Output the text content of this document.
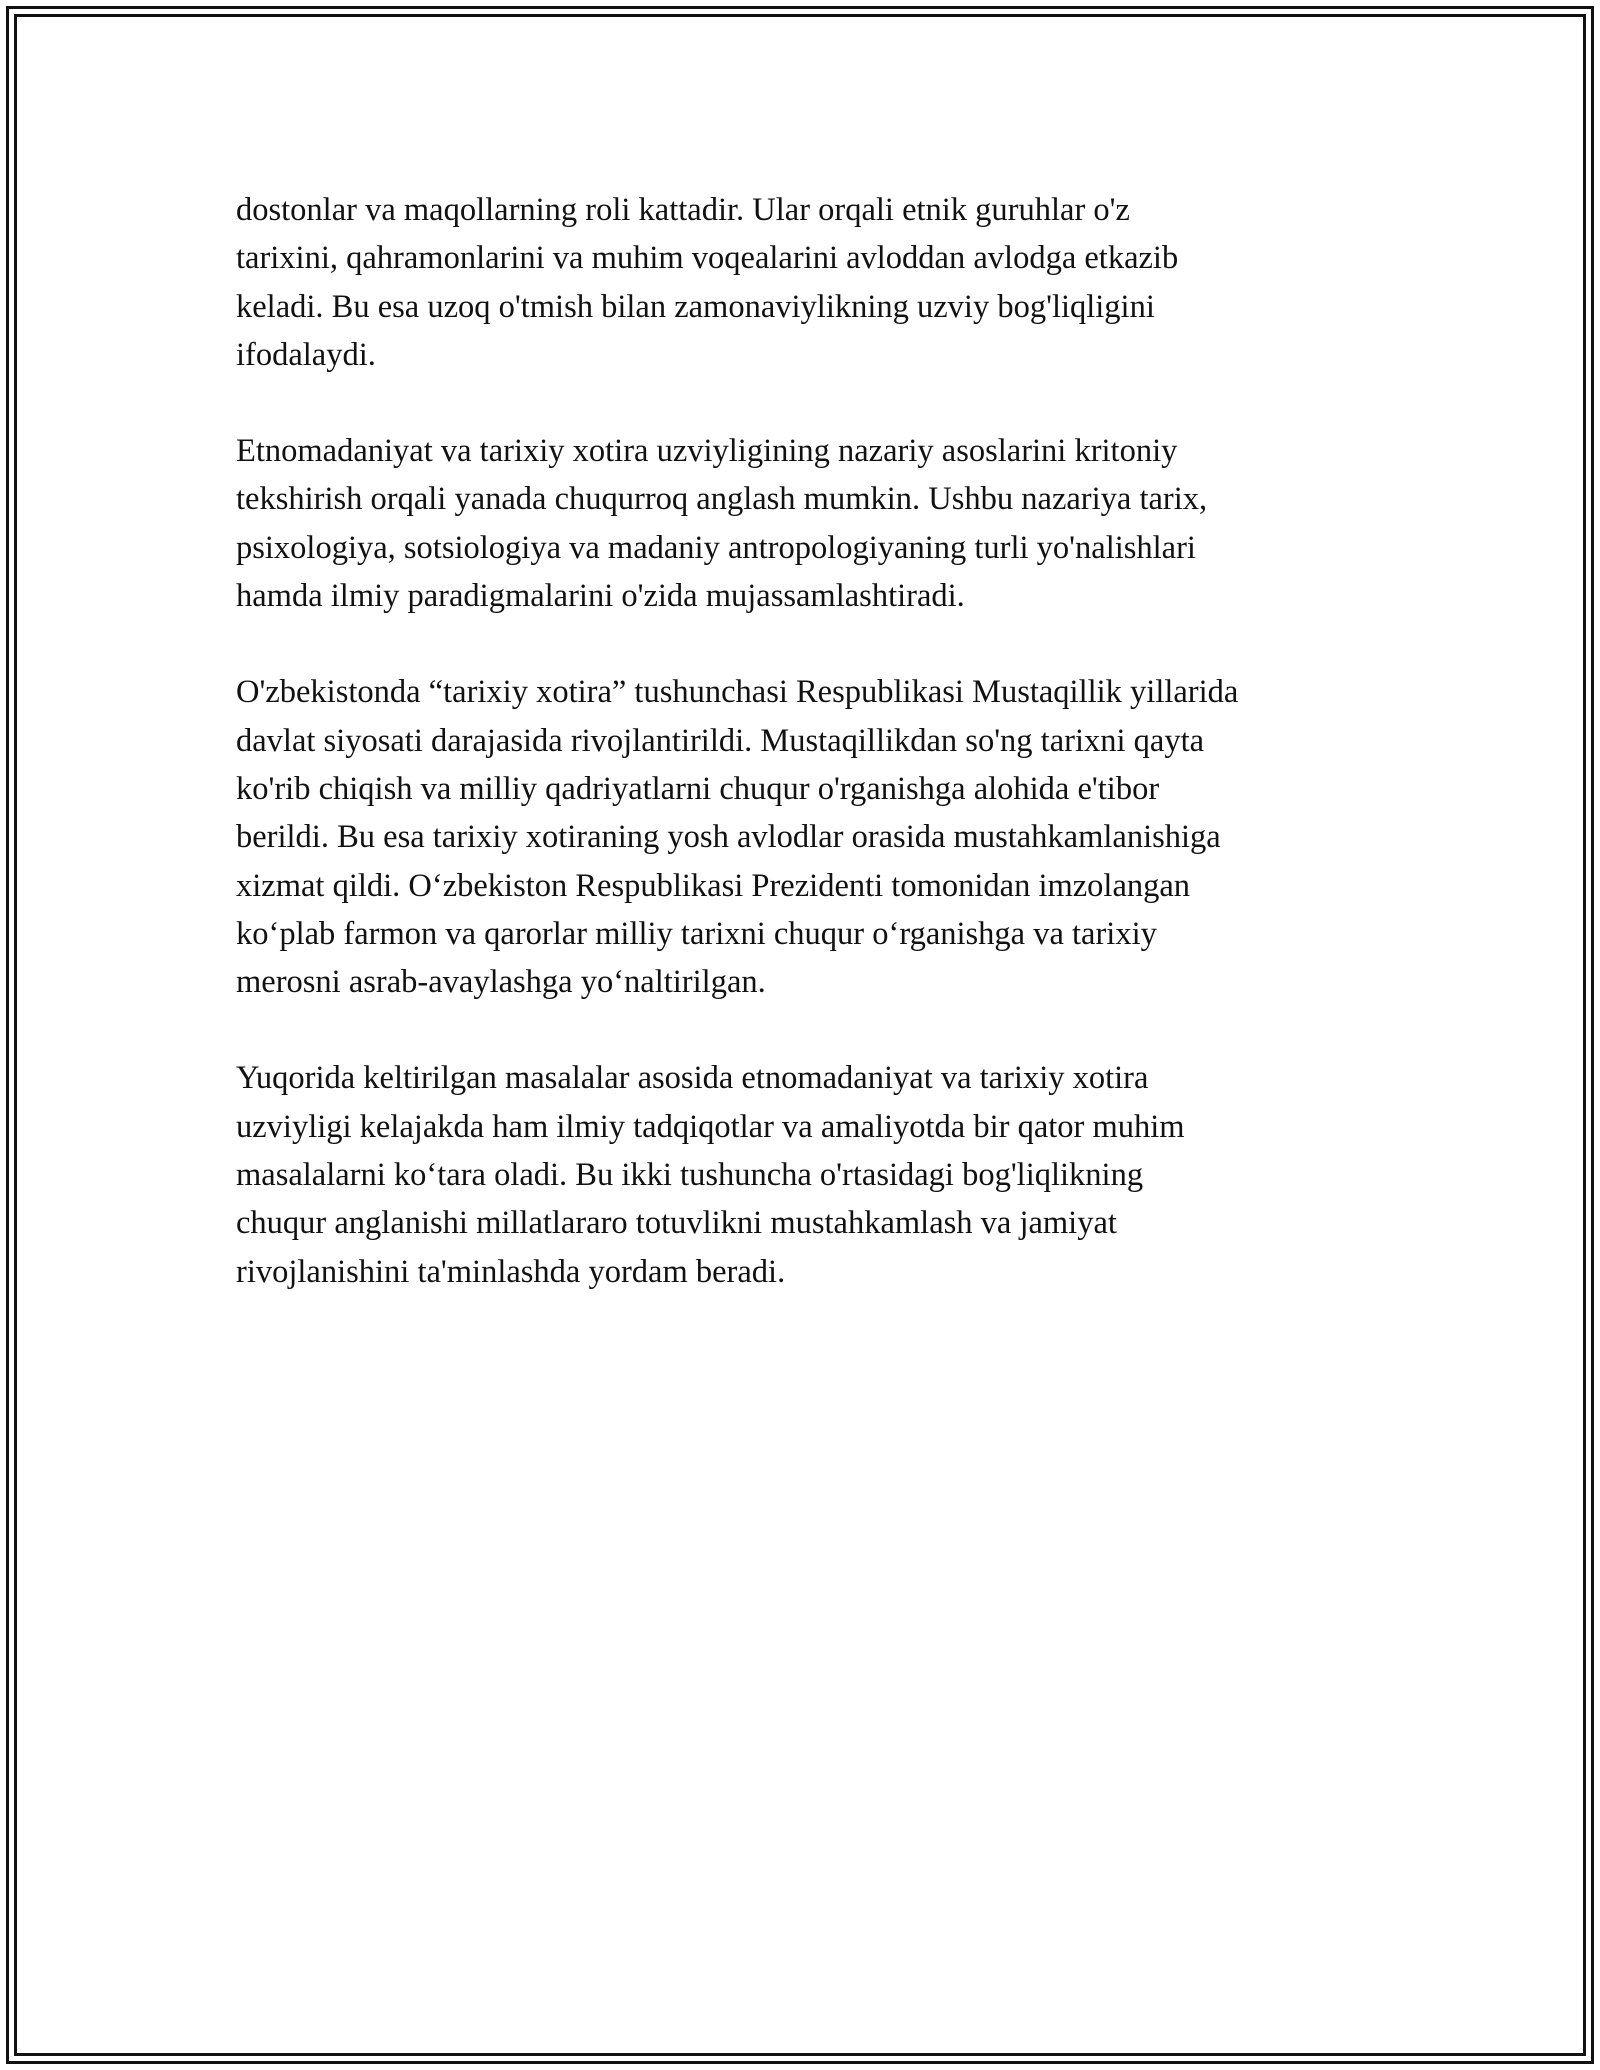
dostonlar va maqollarning roli kattadir. Ular orqali etnik guruhlar o'z
tarixini, qahramonlarini va muhim voqealarini avloddan avlodga etkazib
keladi. Bu esa uzoq o'tmish bilan zamonaviylikning uzviy bog'liqligini
ifodalaydi.

Etnomadaniyat va tarixiy xotira uzviyligining nazariy asoslarini kritoniy
tekshirish orqali yanada chuqurroq anglash mumkin. Ushbu nazariya tarix,
psixologiya, sotsiologiya va madaniy antropologiyaning turli yo'nalishlari
hamda ilmiy paradigmalarini o'zida mujassamlashtiradi.

O'zbekistonda “tarixiy xotira” tushunchasi Respublikasi Mustaqillik yillarida
davlat siyosati darajasida rivojlantirildi. Mustaqillikdan so'ng tarixni qayta
ko'rib chiqish va milliy qadriyatlarni chuqur o'rganishga alohida e'tibor
berildi. Bu esa tarixiy xotiraning yosh avlodlar orasida mustahkamlanishiga
xizmat qildi. O‘zbekiston Respublikasi Prezidenti tomonidan imzolangan
ko‘plab farmon va qarorlar milliy tarixni chuqur o‘rganishga va tarixiy
merosni asrab-avaylashga yo‘naltirilgan.

Yuqorida keltirilgan masalalar asosida etnomadaniyat va tarixiy xotira
uzviyligi kelajakda ham ilmiy tadqiqotlar va amaliyotda bir qator muhim
masalalarni ko‘tara oladi. Bu ikki tushuncha o'rtasidagi bog'liqlikning
chuqur anglanishi millatlararo totuvlikni mustahkamlash va jamiyat
rivojlanishini ta'minlashda yordam beradi.
